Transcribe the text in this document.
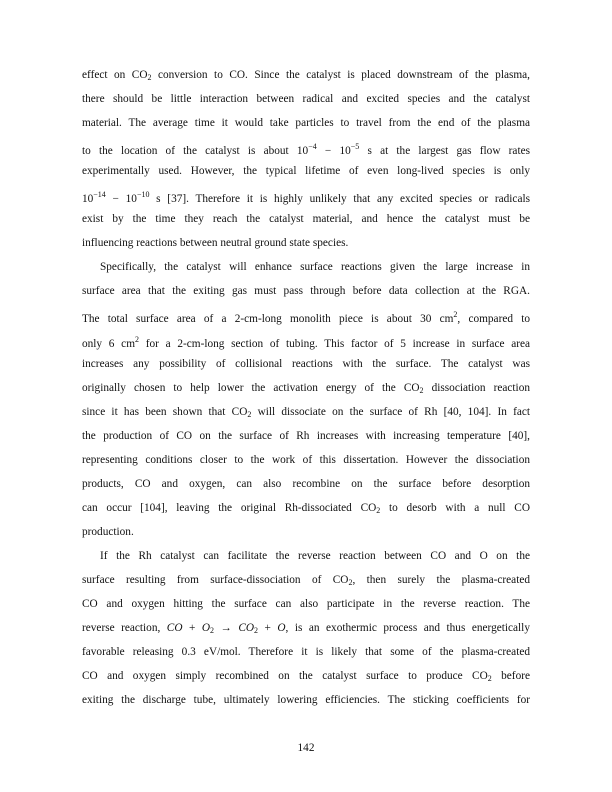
effect on CO2 conversion to CO. Since the catalyst is placed downstream of the plasma,
there should be little interaction between radical and excited species and the catalyst
material. The average time it would take particles to travel from the end of the plasma
to the location of the catalyst is about $10^{-4} - 10^{-5}$ s at the largest gas flow rates
experimentally used. However, the typical lifetime of even long-lived species is only
$10^{-14} - 10^{-10}$ s [37]. Therefore it is highly unlikely that any excited species or radicals
exist by the time they reach the catalyst material, and hence the catalyst must be
influencing reactions between neutral ground state species.
Specifically, the catalyst will enhance surface reactions given the large increase in
surface area that the exiting gas must pass through before data collection at the RGA.
The total surface area of a 2-cm-long monolith piece is about 30 $cm^2$, compared to
only 6 $cm^2$ for a 2-cm-long section of tubing. This factor of 5 increase in surface area
increases any possibility of collisional reactions with the surface. The catalyst was
originally chosen to help lower the activation energy of the CO2 dissociation reaction
since it has been shown that CO2 will dissociate on the surface of Rh [40, 104]. In fact
the production of CO on the surface of Rh increases with increasing temperature [40],
representing conditions closer to the work of this dissertation. However the dissociation
products, CO and oxygen, can also recombine on the surface before desorption
can occur [104], leaving the original Rh-dissociated CO2 to desorb with a null CO
production.
If the Rh catalyst can facilitate the reverse reaction between CO and O on the
surface resulting from surface-dissociation of CO2, then surely the plasma-created
CO and oxygen hitting the surface can also participate in the reverse reaction. The
reverse reaction, CO + O2 → CO2 + O, is an exothermic process and thus energetically
favorable releasing 0.3 eV/mol. Therefore it is likely that some of the plasma-created
CO and oxygen simply recombined on the catalyst surface to produce CO2 before
exiting the discharge tube, ultimately lowering efficiencies. The sticking coefficients for
142
